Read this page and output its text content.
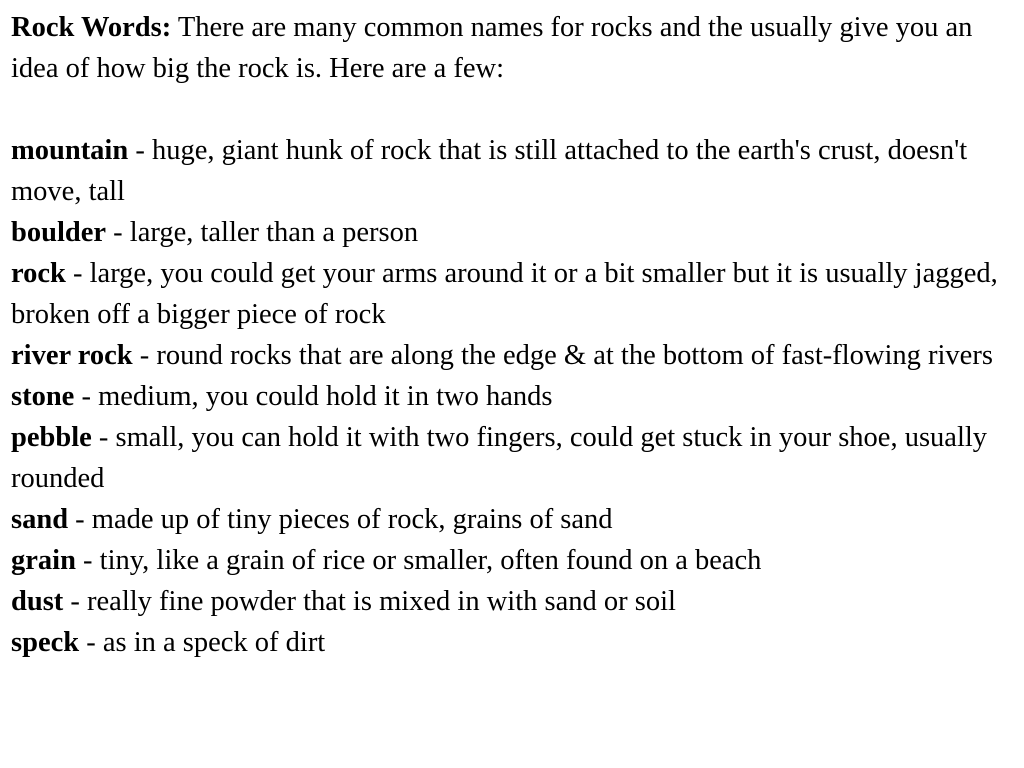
Rock Words: There are many common names for rocks and the usually give you an idea of how big the rock is. Here are a few:

mountain - huge, giant hunk of rock that is still attached to the earth's crust, doesn't move, tall

boulder - large, taller than a person

rock - large, you could get your arms around it or a bit smaller but it is usually jagged, broken off a bigger piece of rock

river rock - round rocks that are along the edge & at the bottom of fast-flowing rivers

stone - medium, you could hold it in two hands

pebble - small, you can hold it with two fingers, could get stuck in your shoe, usually rounded

sand - made up of tiny pieces of rock, grains of sand

grain - tiny, like a grain of rice or smaller, often found on a beach

dust - really fine powder that is mixed in with sand or soil

speck - as in a speck of dirt
